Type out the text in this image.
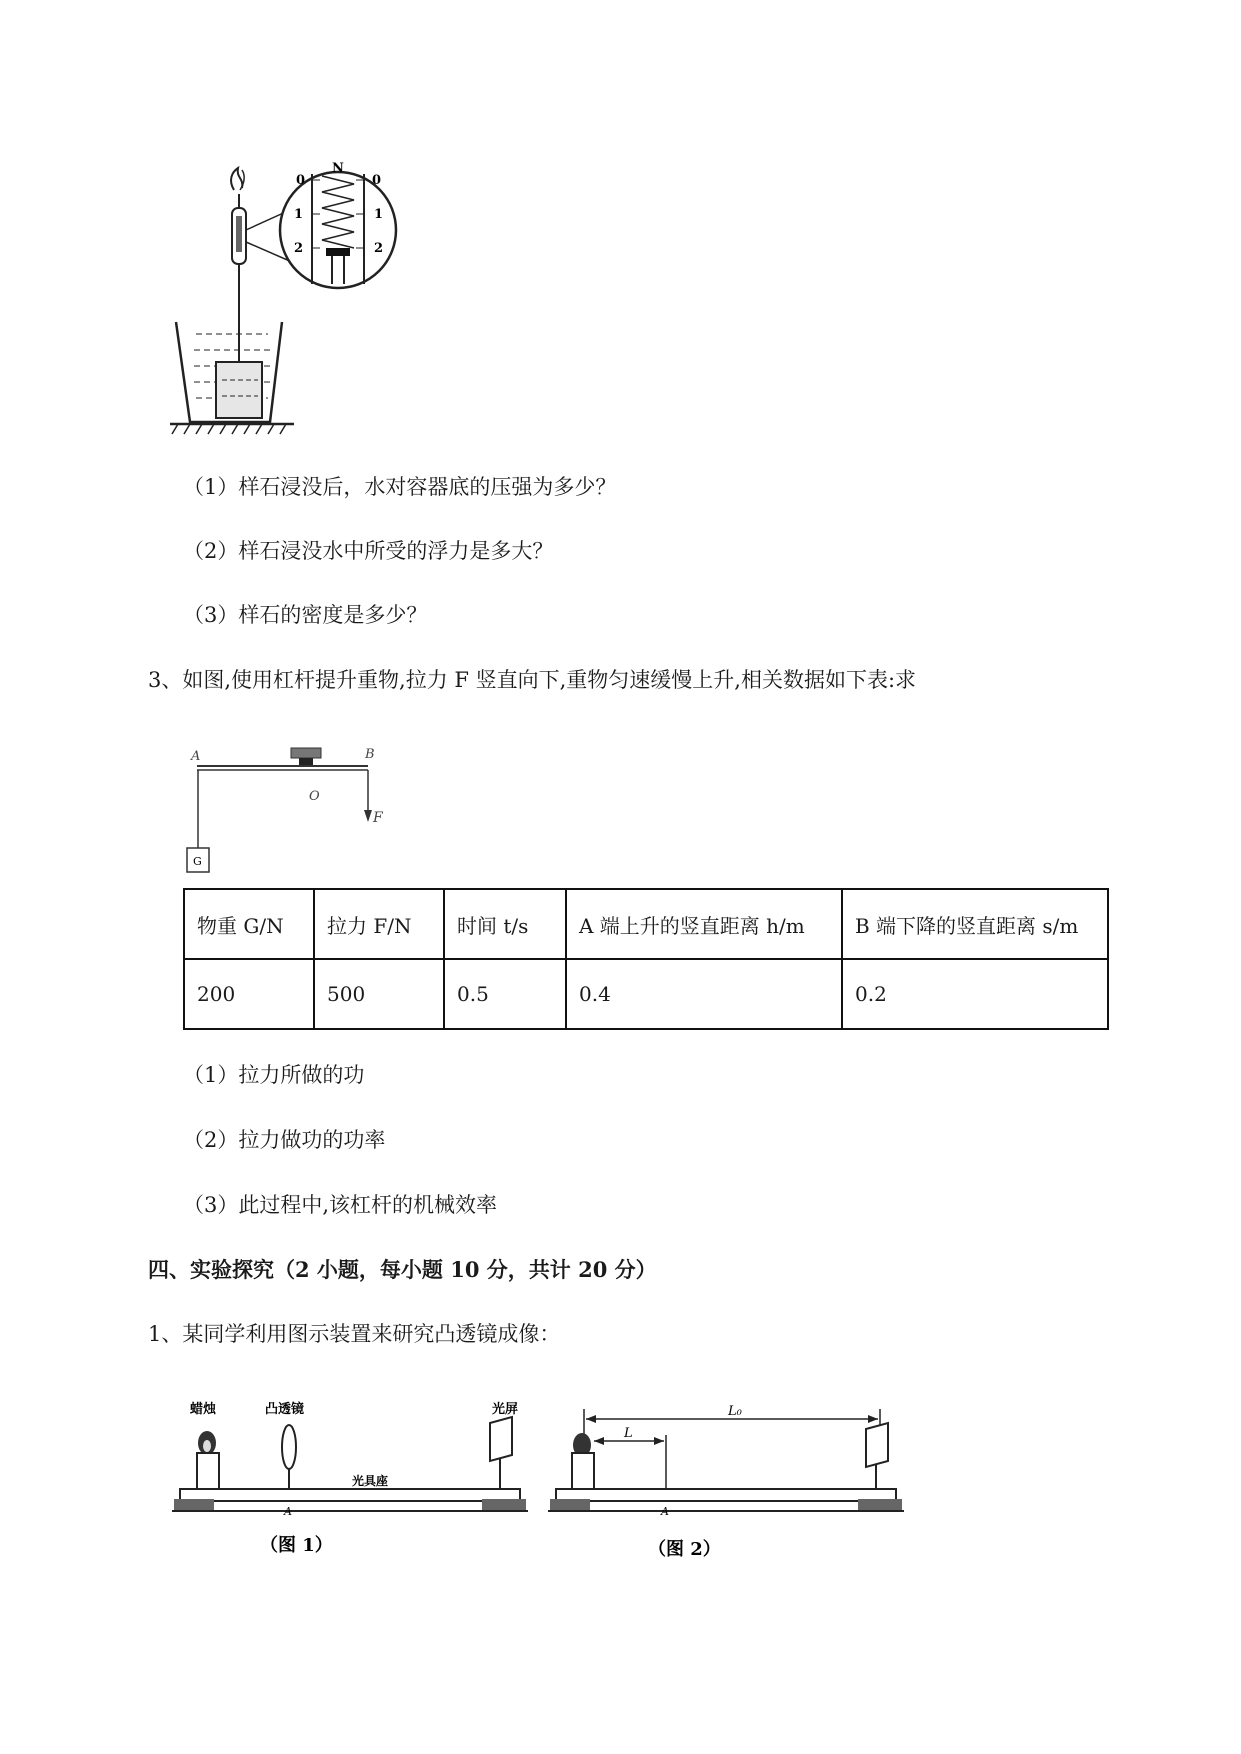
N
0
1
2
0
1
2
（1）样石浸没后，水对容器底的压强为多少？
（2）样石浸没水中所受的浮力是多大？
（3）样石的密度是多少？
3、如图,使用杠杆提升重物,拉力 F 竖直向下,重物匀速缓慢上升,相关数据如下表:求
G
A	B
O
F
物重 G/N	拉力 F/N	时间 t/s	A 端上升的竖直距离 h/m	B 端下降的竖直距离 s/m
200	500	0.5	0.4	0.2
（1）拉力所做的功
（2）拉力做功的功率
（3）此过程中,该杠杆的机械效率
四、实验探究（2 小题，每小题 10 分，共计 20 分）
1、某同学利用图示装置来研究凸透镜成像：
蜡烛	凸透镜	光屏
光具座
A
（图 1）
L₀
L
A
（图 2）
